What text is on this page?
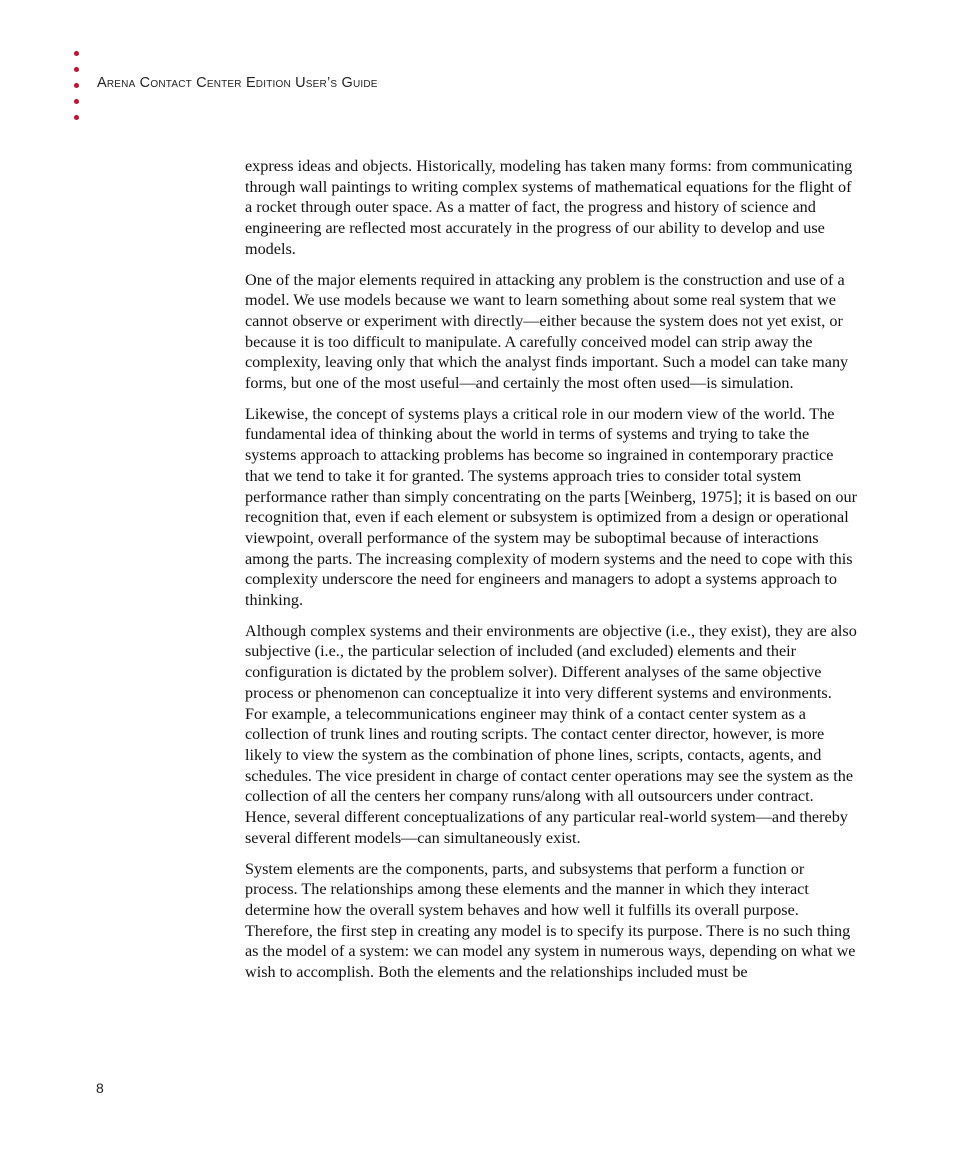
Arena Contact Center Edition User’s Guide

express ideas and objects. Historically, modeling has taken many forms: from communicating through wall paintings to writing complex systems of mathematical equations for the flight of a rocket through outer space. As a matter of fact, the progress and history of science and engineering are reflected most accurately in the progress of our ability to develop and use models.

One of the major elements required in attacking any problem is the construction and use of a model. We use models because we want to learn something about some real system that we cannot observe or experiment with directly—either because the system does not yet exist, or because it is too difficult to manipulate. A carefully conceived model can strip away the complexity, leaving only that which the analyst finds important. Such a model can take many forms, but one of the most useful—and certainly the most often used—is simulation.

Likewise, the concept of systems plays a critical role in our modern view of the world. The fundamental idea of thinking about the world in terms of systems and trying to take the systems approach to attacking problems has become so ingrained in contemporary practice that we tend to take it for granted. The systems approach tries to consider total system performance rather than simply concentrating on the parts [Weinberg, 1975]; it is based on our recognition that, even if each element or subsystem is optimized from a design or operational viewpoint, overall performance of the system may be suboptimal because of interactions among the parts. The increasing complexity of modern systems and the need to cope with this complexity underscore the need for engineers and managers to adopt a systems approach to thinking.

Although complex systems and their environments are objective (i.e., they exist), they are also subjective (i.e., the particular selection of included (and excluded) elements and their configuration is dictated by the problem solver). Different analyses of the same objective process or phenomenon can conceptualize it into very different systems and environments. For example, a telecommunications engineer may think of a contact center system as a collection of trunk lines and routing scripts. The contact center director, however, is more likely to view the system as the combination of phone lines, scripts, contacts, agents, and schedules. The vice president in charge of contact center operations may see the system as the collection of all the centers her company runs/along with all outsourcers under contract. Hence, several different conceptualizations of any particular real-world system—and thereby several different models—can simultaneously exist.

System elements are the components, parts, and subsystems that perform a function or process. The relationships among these elements and the manner in which they interact determine how the overall system behaves and how well it fulfills its overall purpose. Therefore, the first step in creating any model is to specify its purpose. There is no such thing as the model of a system: we can model any system in numerous ways, depending on what we wish to accomplish. Both the elements and the relationships included must be

8
